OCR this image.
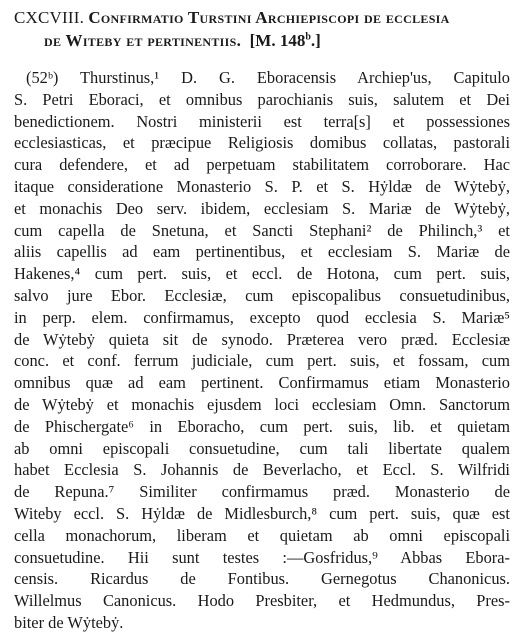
CXCVIII. Confirmatio Turstini Archiepiscopi de ecclesia
de Witeby et pertinentiis. [M. 148$^b$.]
(52ᵇ) Thurstinus,¹ D. G. Eboracensis Archiep'us, Capitulo
S. Petri Eboraci, et omnibus parochianis suis, salutem et Dei
benedictionem. Nostri ministerii est terra[s] et possessiones
ecclesiasticas, et præcipue Religiosis domibus collatas, pastorali
cura defendere, et ad perpetuam stabilitatem corroborare. Hac
itaque consideratione Monasterio S. P. et S. Hẏldæ de Wẏtebẏ,
et monachis Deo serv. ibidem, ecclesiam S. Mariæ de Wẏtebẏ,
cum capella de Snetuna, et Sancti Stephani² de Philinch,³ et
aliis capellis ad eam pertinentibus, et ecclesiam S. Mariæ de
Hakenes,⁴ cum pert. suis, et eccl. de Hotona, cum pert. suis,
salvo jure Ebor. Ecclesiæ, cum episcopalibus consuetudinibus,
in perp. elem. confirmamus, excepto quod ecclesia S. Mariæ⁵
de Wẏtebẏ quieta sit de synodo. Præterea vero præd. Ecclesiæ
conc. et conf. ferrum judiciale, cum pert. suis, et fossam, cum
omnibus quæ ad eam pertinent. Confirmamus etiam Monasterio
de Wẏtebẏ et monachis ejusdem loci ecclesiam Omn. Sanctorum
de Phischergate⁶ in Eboracho, cum pert. suis, lib. et quietam
ab omni episcopali consuetudine, cum tali libertate qualem
habet Ecclesia S. Johannis de Beverlacho, et Eccl. S. Wilfridi
de Repuna.⁷ Similiter confirmamus præd. Monasterio de
Witeby eccl. S. Hẏldæ de Midlesburch,⁸ cum pert. suis, quæ est
cella monachorum, liberam et quietam ab omni episcopali
consuetudine. Hii sunt testes :—Gosfridus,⁹ Abbas Eborа-
censis. Ricardus de Fontibus. Gernegotus Chanonicus.
Willelmus Canonicus. Hodo Presbiter, et Hedmundus, Pres-
biter de Wẏtebẏ.
